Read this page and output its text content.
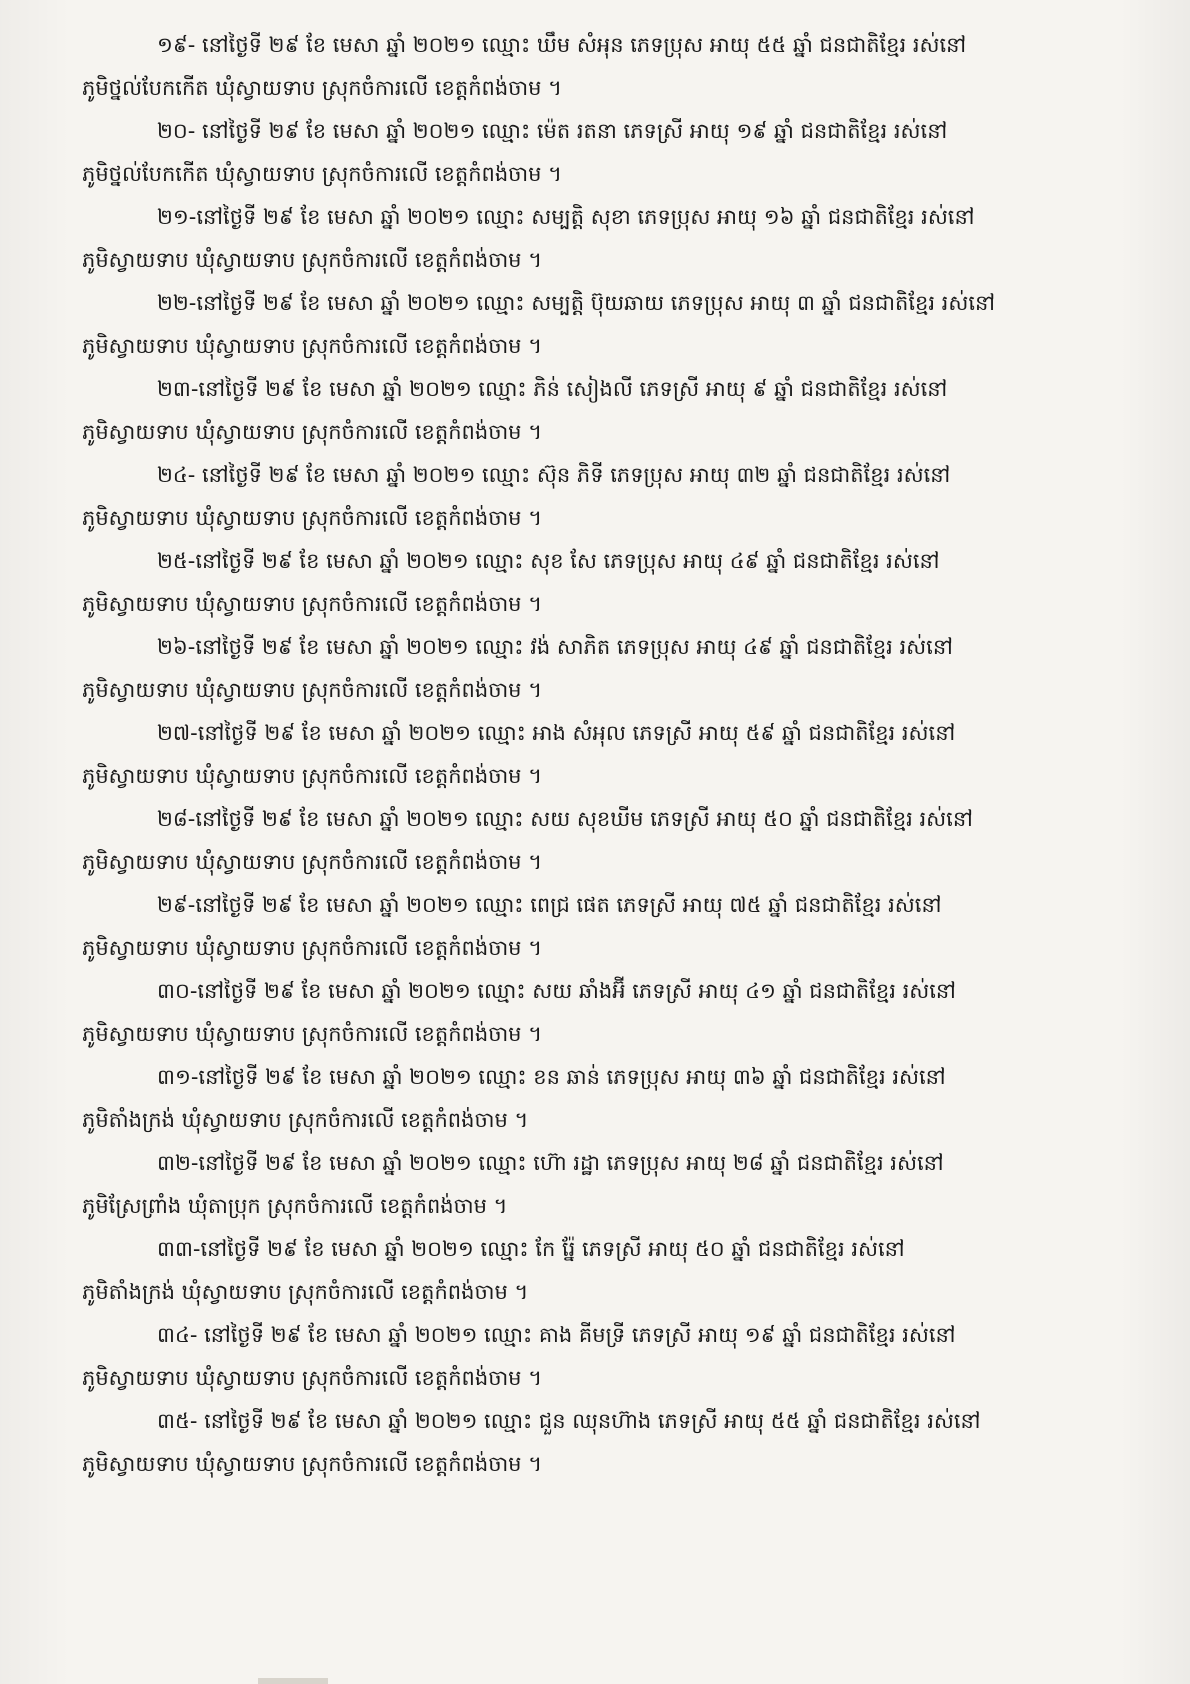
១៩- នៅថ្ងៃទី ២៩ ខែ មេសា ឆ្នាំ ២០២១ ឈ្មោះ ឃឹម សំអុន ភេទប្រុស អាយុ ៥៥ ឆ្នាំ ជនជាតិខ្មែរ រស់នៅ
ភូមិថ្នល់បែកកើត ឃុំស្វាយទាប ស្រុកចំការលើ ខេត្តកំពង់ចាម ។
២០- នៅថ្ងៃទី ២៩ ខែ មេសា ឆ្នាំ ២០២១ ឈ្មោះ ម៉េត រតនា ភេទស្រី អាយុ ១៩ ឆ្នាំ ជនជាតិខ្មែរ រស់នៅ
ភូមិថ្នល់បែកកើត ឃុំស្វាយទាប ស្រុកចំការលើ ខេត្តកំពង់ចាម ។
២១-នៅថ្ងៃទី ២៩ ខែ មេសា ឆ្នាំ ២០២១ ឈ្មោះ សម្បត្តិ សុខា ភេទប្រុស អាយុ ១៦ ឆ្នាំ ជនជាតិខ្មែរ រស់នៅ
ភូមិស្វាយទាប ឃុំស្វាយទាប ស្រុកចំការលើ ខេត្តកំពង់ចាម ។
២២-នៅថ្ងៃទី ២៩ ខែ មេសា ឆ្នាំ ២០២១ ឈ្មោះ សម្បត្តិ ប៊ុយឆាយ ភេទប្រុស អាយុ ៣ ឆ្នាំ ជនជាតិខ្មែរ រស់នៅ
ភូមិស្វាយទាប ឃុំស្វាយទាប ស្រុកចំការលើ ខេត្តកំពង់ចាម ។
២៣-នៅថ្ងៃទី ២៩ ខែ មេសា ឆ្នាំ ២០២១ ឈ្មោះ ភិន់ សៀងលី ភេទស្រី អាយុ ៩ ឆ្នាំ ជនជាតិខ្មែរ រស់នៅ
ភូមិស្វាយទាប ឃុំស្វាយទាប ស្រុកចំការលើ ខេត្តកំពង់ចាម ។
២៤- នៅថ្ងៃទី ២៩ ខែ មេសា ឆ្នាំ ២០២១ ឈ្មោះ ស៊ុន ភិទី ភេទប្រុស អាយុ ៣២ ឆ្នាំ ជនជាតិខ្មែរ រស់នៅ
ភូមិស្វាយទាប ឃុំស្វាយទាប ស្រុកចំការលើ ខេត្តកំពង់ចាម ។
២៥-នៅថ្ងៃទី ២៩ ខែ មេសា ឆ្នាំ ២០២១ ឈ្មោះ សុខ សែ ភេទប្រុស អាយុ ៤៩ ឆ្នាំ ជនជាតិខ្មែរ រស់នៅ
ភូមិស្វាយទាប ឃុំស្វាយទាប ស្រុកចំការលើ ខេត្តកំពង់ចាម ។
២៦-នៅថ្ងៃទី ២៩ ខែ មេសា ឆ្នាំ ២០២១ ឈ្មោះ វង់ សាភិត ភេទប្រុស អាយុ ៤៩ ឆ្នាំ ជនជាតិខ្មែរ រស់នៅ
ភូមិស្វាយទាប ឃុំស្វាយទាប ស្រុកចំការលើ ខេត្តកំពង់ចាម ។
២៧-នៅថ្ងៃទី ២៩ ខែ មេសា ឆ្នាំ ២០២១ ឈ្មោះ អាង សំអុល ភេទស្រី អាយុ ៥៩ ឆ្នាំ ជនជាតិខ្មែរ រស់នៅ
ភូមិស្វាយទាប ឃុំស្វាយទាប ស្រុកចំការលើ ខេត្តកំពង់ចាម ។
២៨-នៅថ្ងៃទី ២៩ ខែ មេសា ឆ្នាំ ២០២១ ឈ្មោះ សយ សុខឃីម ភេទស្រី អាយុ ៥០ ឆ្នាំ ជនជាតិខ្មែរ រស់នៅ
ភូមិស្វាយទាប ឃុំស្វាយទាប ស្រុកចំការលើ ខេត្តកំពង់ចាម ។
២៩-នៅថ្ងៃទី ២៩ ខែ មេសា ឆ្នាំ ២០២១ ឈ្មោះ ពេជ្រ ផេត ភេទស្រី អាយុ ៧៥ ឆ្នាំ ជនជាតិខ្មែរ រស់នៅ
ភូមិស្វាយទាប ឃុំស្វាយទាប ស្រុកចំការលើ ខេត្តកំពង់ចាម ។
៣០-នៅថ្ងៃទី ២៩ ខែ មេសា ឆ្នាំ ២០២១ ឈ្មោះ សយ ឆាំងអ៊ី ភេទស្រី អាយុ ៤១ ឆ្នាំ ជនជាតិខ្មែរ រស់នៅ
ភូមិស្វាយទាប ឃុំស្វាយទាប ស្រុកចំការលើ ខេត្តកំពង់ចាម ។
៣១-នៅថ្ងៃទី ២៩ ខែ មេសា ឆ្នាំ ២០២១ ឈ្មោះ ខន ឆាន់ ភេទប្រុស អាយុ ៣៦ ឆ្នាំ ជនជាតិខ្មែរ រស់នៅ
ភូមិតាំងក្រង់ ឃុំស្វាយទាប ស្រុកចំការលើ ខេត្តកំពង់ចាម ។
៣២-នៅថ្ងៃទី ២៩ ខែ មេសា ឆ្នាំ ២០២១ ឈ្មោះ ហ៊ោ រដ្ឋា ភេទប្រុស អាយុ ២៨ ឆ្នាំ ជនជាតិខ្មែរ រស់នៅ
ភូមិស្រែព្រាំង ឃុំតាប្រុក ស្រុកចំការលើ ខេត្តកំពង់ចាម ។
៣៣-នៅថ្ងៃទី ២៩ ខែ មេសា ឆ្នាំ ២០២១ ឈ្មោះ កែ រ៉ែ្ន ភេទស្រី អាយុ ៥០ ឆ្នាំ ជនជាតិខ្មែរ រស់នៅ
ភូមិតាំងក្រង់ ឃុំស្វាយទាប ស្រុកចំការលើ ខេត្តកំពង់ចាម ។
៣៤- នៅថ្ងៃទី ២៩ ខែ មេសា ឆ្នាំ ២០២១ ឈ្មោះ គាង គីមទ្រី ភេទស្រី អាយុ ១៩ ឆ្នាំ ជនជាតិខ្មែរ រស់នៅ
ភូមិស្វាយទាប ឃុំស្វាយទាប ស្រុកចំការលើ ខេត្តកំពង់ចាម ។
៣៥- នៅថ្ងៃទី ២៩ ខែ មេសា ឆ្នាំ ២០២១ ឈ្មោះ ជួន ឈុនហ៊ាង ភេទស្រី អាយុ ៥៥ ឆ្នាំ ជនជាតិខ្មែរ រស់នៅ
ភូមិស្វាយទាប ឃុំស្វាយទាប ស្រុកចំការលើ ខេត្តកំពង់ចាម ។
